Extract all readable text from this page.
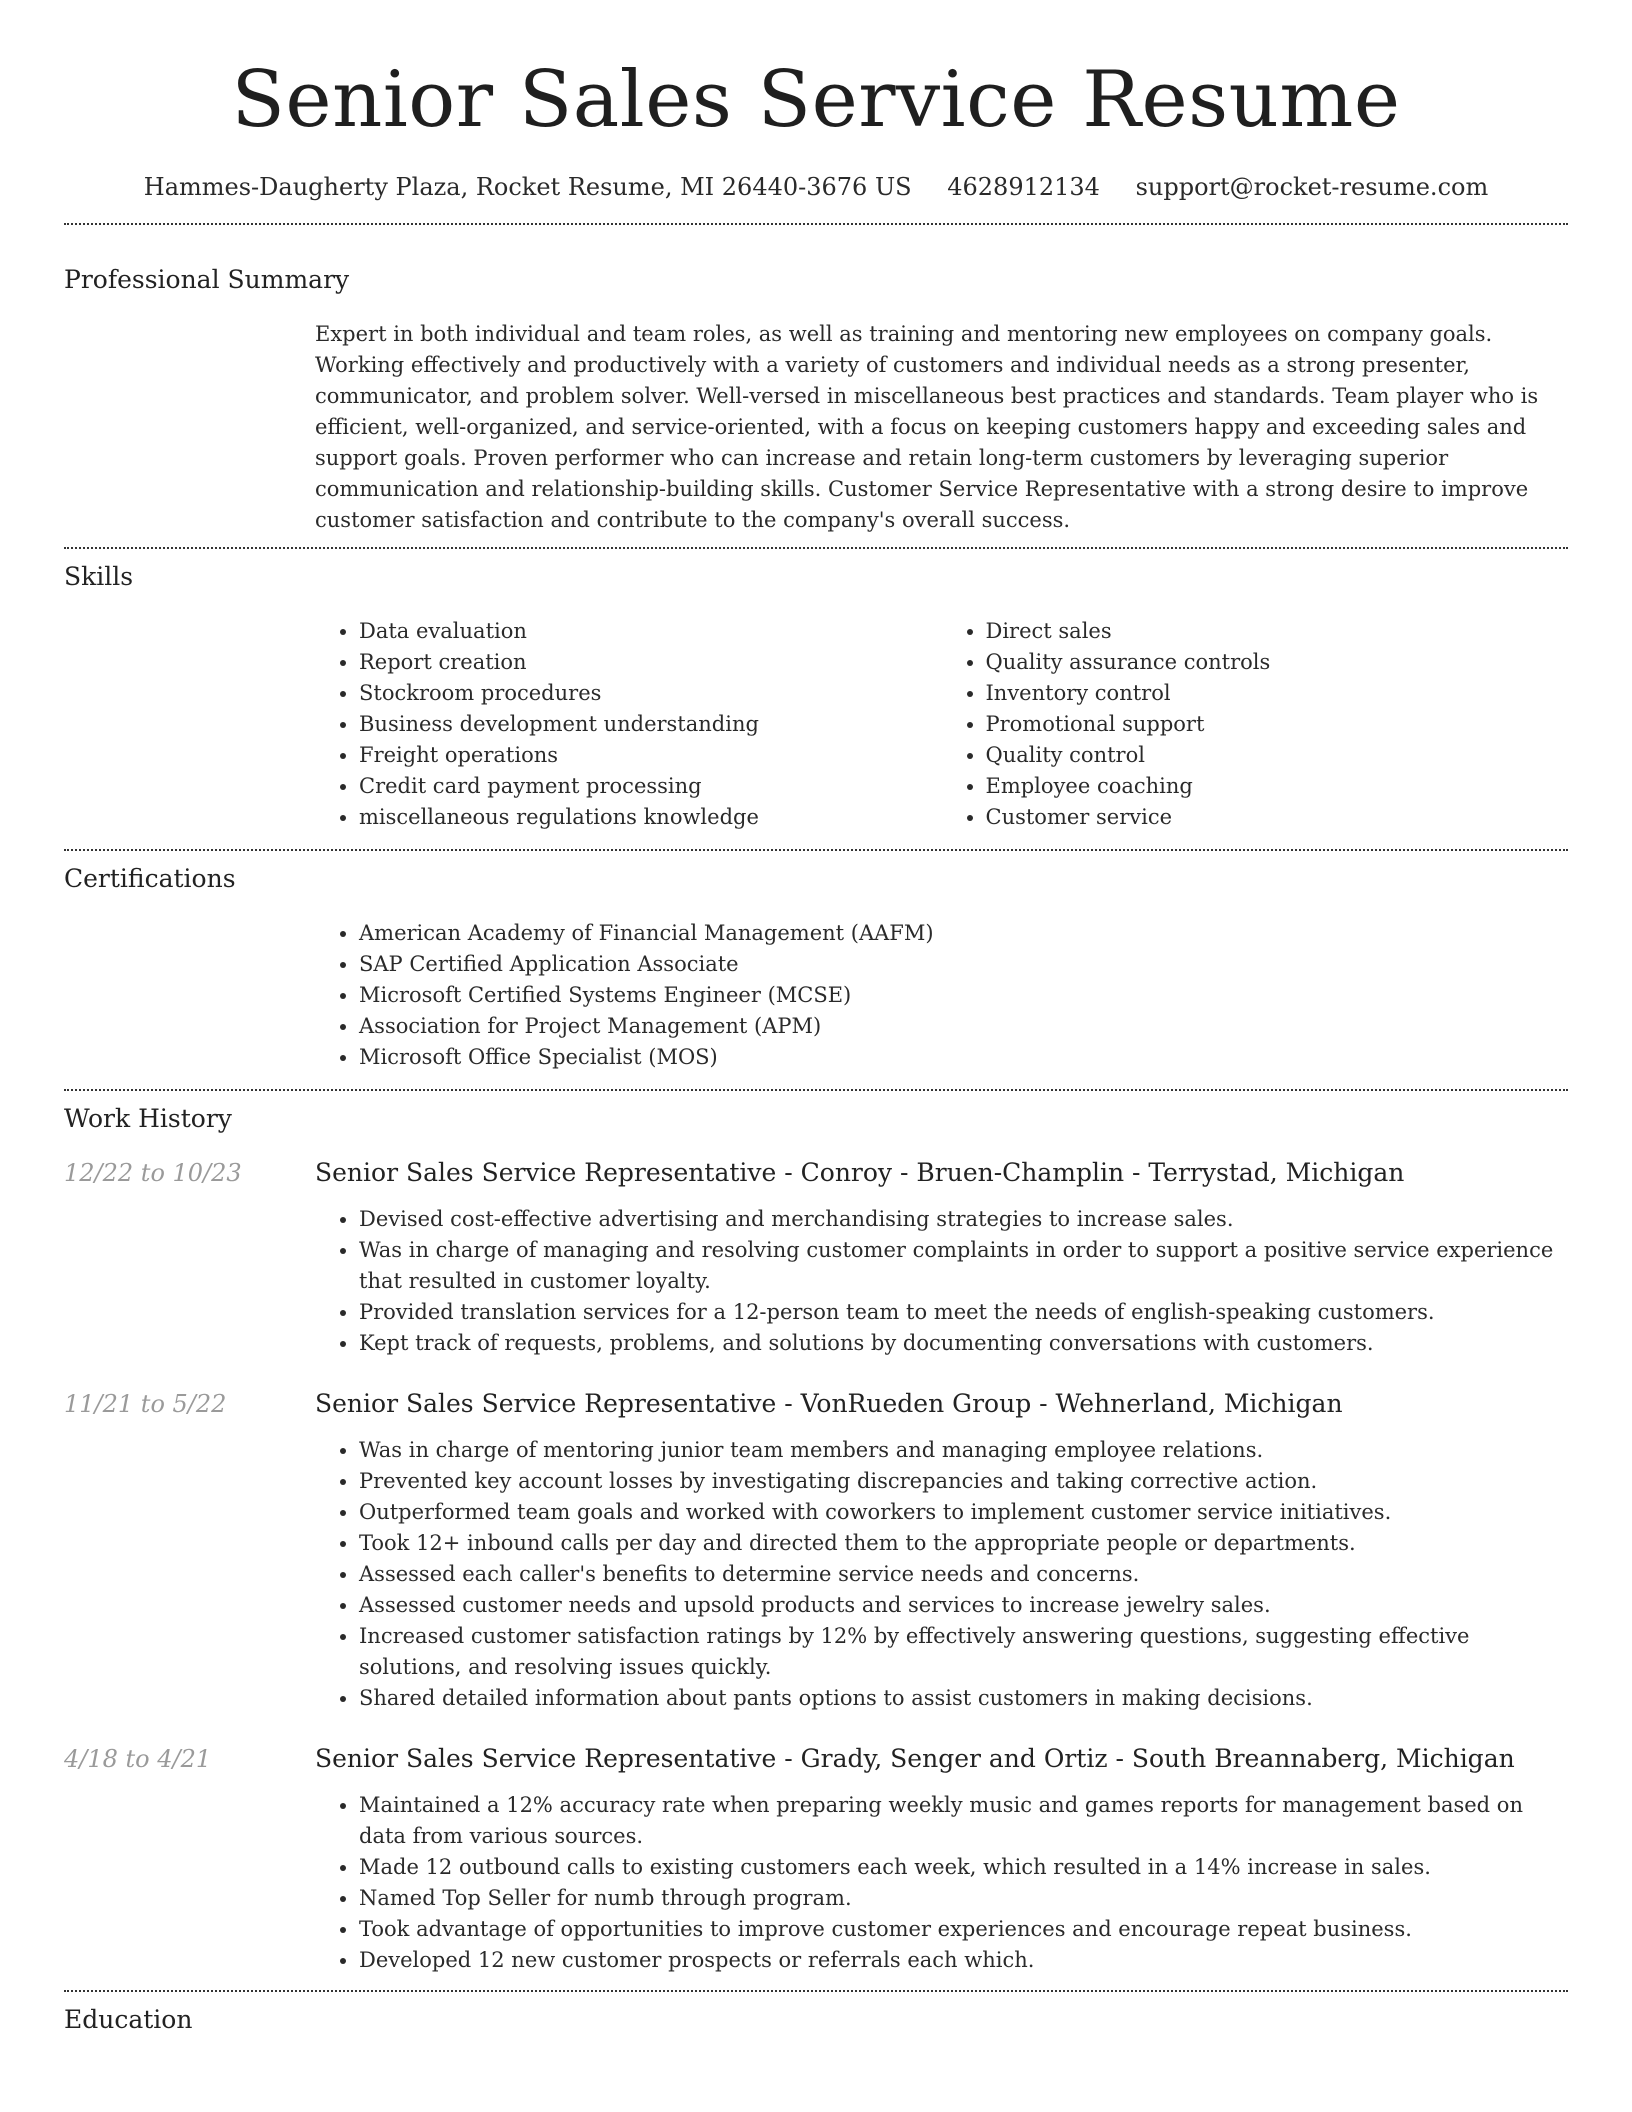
Senior Sales Service Resume
Hammes-Daugherty Plaza, Rocket Resume, MI 26440-3676 US 4628912134 support@rocket-resume.com
Professional Summary
Expert in both individual and team roles, as well as training and mentoring new employees on company goals. Working effectively and productively with a variety of customers and individual needs as a strong presenter, communicator, and problem solver. Well-versed in miscellaneous best practices and standards. Team player who is efficient, well-organized, and service-oriented, with a focus on keeping customers happy and exceeding sales and support goals. Proven performer who can increase and retain long-term customers by leveraging superior communication and relationship-building skills. Customer Service Representative with a strong desire to improve customer satisfaction and contribute to the company's overall success.
Skills
• Data evaluation
• Report creation
• Stockroom procedures
• Business development understanding
• Freight operations
• Credit card payment processing
• miscellaneous regulations knowledge
• Direct sales
• Quality assurance controls
• Inventory control
• Promotional support
• Quality control
• Employee coaching
• Customer service
Certifications
• American Academy of Financial Management (AAFM)
• SAP Certified Application Associate
• Microsoft Certified Systems Engineer (MCSE)
• Association for Project Management (APM)
• Microsoft Office Specialist (MOS)
Work History
12/22 to 10/23	Senior Sales Service Representative - Conroy - Bruen-Champlin - Terrystad, Michigan
• Devised cost-effective advertising and merchandising strategies to increase sales.
• Was in charge of managing and resolving customer complaints in order to support a positive service experience that resulted in customer loyalty.
• Provided translation services for a 12-person team to meet the needs of english-speaking customers.
• Kept track of requests, problems, and solutions by documenting conversations with customers.
11/21 to 5/22	Senior Sales Service Representative - VonRueden Group - Wehnerland, Michigan
• Was in charge of mentoring junior team members and managing employee relations.
• Prevented key account losses by investigating discrepancies and taking corrective action.
• Outperformed team goals and worked with coworkers to implement customer service initiatives.
• Took 12+ inbound calls per day and directed them to the appropriate people or departments.
• Assessed each caller's benefits to determine service needs and concerns.
• Assessed customer needs and upsold products and services to increase jewelry sales.
• Increased customer satisfaction ratings by 12% by effectively answering questions, suggesting effective solutions, and resolving issues quickly.
• Shared detailed information about pants options to assist customers in making decisions.
4/18 to 4/21	Senior Sales Service Representative - Grady, Senger and Ortiz - South Breannaberg, Michigan
• Maintained a 12% accuracy rate when preparing weekly music and games reports for management based on data from various sources.
• Made 12 outbound calls to existing customers each week, which resulted in a 14% increase in sales.
• Named Top Seller for numb through program.
• Took advantage of opportunities to improve customer experiences and encourage repeat business.
• Developed 12 new customer prospects or referrals each which.
Education
